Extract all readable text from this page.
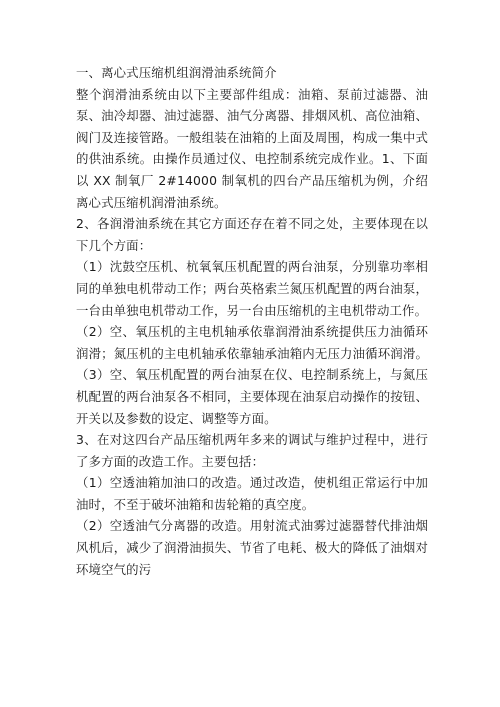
一、离心式压缩机组润滑油系统简介

整个润滑油系统由以下主要部件组成：油箱、泵前过滤器、油泵、油冷却器、油过滤器、油气分离器、排烟风机、高位油箱、阀门及连接管路。一般组装在油箱的上面及周围，构成一集中式的供油系统。由操作员通过仪、电控制系统完成作业。1、下面以 XX 制氧厂 2#14000 制氧机的四台产品压缩机为例，介绍离心式压缩机润滑油系统。

2、各润滑油系统在其它方面还存在着不同之处，主要体现在以下几个方面：

（1）沈鼓空压机、杭氧氧压机配置的两台油泵，分别靠功率相同的单独电机带动工作；两台英格索兰氮压机配置的两台油泵，一台由单独电机带动工作，另一台由压缩机的主电机带动工作。

（2）空、氧压机的主电机轴承依靠润滑油系统提供压力油循环润滑；氮压机的主电机轴承依靠轴承油箱内无压力油循环润滑。（3）空、氧压机配置的两台油泵在仪、电控制系统上，与氮压机配置的两台油泵各不相同，主要体现在油泵启动操作的按钮、开关以及参数的设定、调整等方面。

3、在对这四台产品压缩机两年多来的调试与维护过程中，进行了多方面的改造工作。主要包括：

（1）空透油箱加油口的改造。通过改造，使机组正常运行中加油时，不至于破坏油箱和齿轮箱的真空度。

（2）空透油气分离器的改造。用射流式油雾过滤器替代排油烟风机后，减少了润滑油损失、节省了电耗、极大的降低了油烟对环境空气的污
